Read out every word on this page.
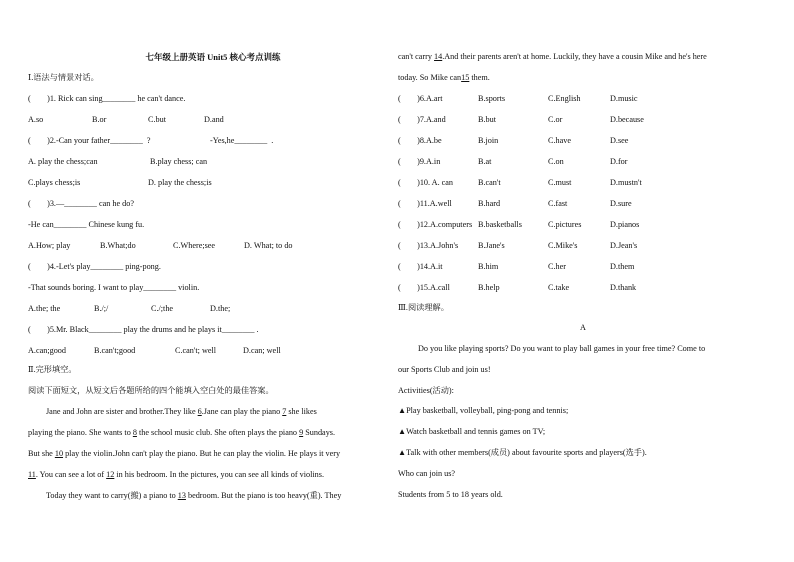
七年级上册英语 Unit5 核心考点训练
Ⅰ.语法与情景对话。
(　　)1. Rick can sing________ he can't dance.
A.so	B.or	C.but	D.and
(　　)2.-Can your father________  ?	-Yes,he________  .
A. play the chess;can	B.play chess; can
C.plays chess;is	D. play the chess;is
(　　)3.—________ can he do?
-He can________ Chinese kung fu.
A.How; play	B.What;do	C.Where;see	D. What; to do
(　　)4.-Let's play________ ping-pong.
-That sounds boring. I want to play________ violin.
A.the; the	B./;/	C./;the	D.the;
(　　)5.Mr. Black________ play the drums and he plays it________ .
A.can;good	B.can't;good	C.can't; well	D.can; well
Ⅱ.完形填空。
阅读下面短文，从短文后各题所给的四个能填入空白处的最佳答案。
Jane and John are sister and brother.They like 6.Jane can play the piano 7 she likes
playing the piano. She wants to 8 the school music club. She often plays the piano 9 Sundays.
But she 10 play the violin.John can't play the piano. But he can play the violin. He plays it very
11. You can see a lot of 12 in his bedroom. In the pictures, you can see all kinds of violins.
Today they want to carry(搬) a piano to 13 bedroom. But the piano is too heavy(重). They
can't carry 14.And their parents aren't at home. Luckily, they have a cousin Mike and he's here
today. So Mike can15 them.
(　　)6.A.art	B.sports	C.English	D.music
(　　)7.A.and	B.but	C.or	D.because
(　　)8.A.be	B.join	C.have	D.see
(　　)9.A.in	B.at	C.on	D.for
(　　)10. A. can	B.can't	C.must	D.mustn't
(　　)11.A.well	B.hard	C.fast	D.sure
(　　)12.A.computers B.basketballs	C.pictures	D.pianos
(　　)13.A.John's B.Jane's	C.Mike's	D.Jean's
(　　)14.A.it	B.him	C.her	D.them
(　　)15.A.call	B.help	C.take	D.thank
Ⅲ.阅读理解。
A
Do you like playing sports? Do you want to play ball games in your free time? Come to
our Sports Club and join us!
Activities(活动):
▲Play basketball, volleyball, ping-pong and tennis;
▲Watch basketball and tennis games on TV;
▲Talk with other members(成员) about favourite sports and players(选手).
Who can join us?
Students from 5 to 18 years old.
